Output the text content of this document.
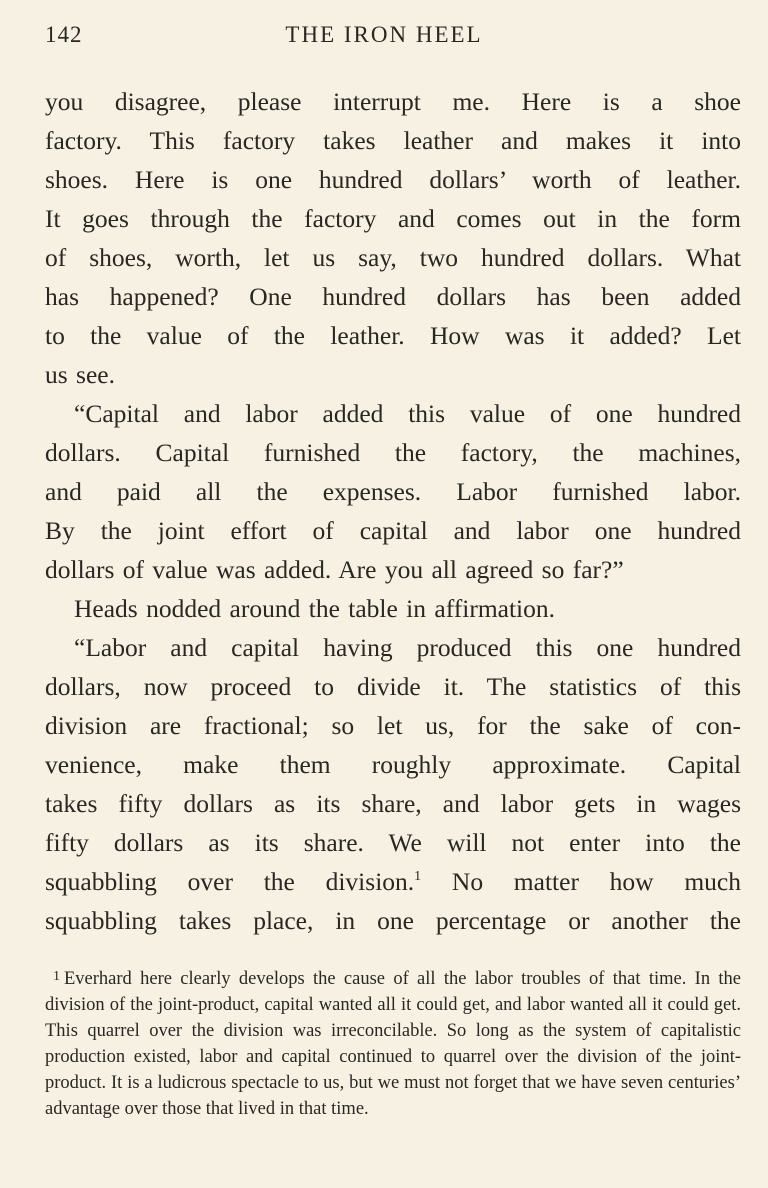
142	THE IRON HEEL

you disagree, please interrupt me. Here is a shoe

factory. This factory takes leather and makes it into

shoes. Here is one hundred dollars’ worth of leather.

It goes through the factory and comes out in the form

of shoes, worth, let us say, two hundred dollars. What

has happened? One hundred dollars has been added

to the value of the leather. How was it added? Let

us see.

“Capital and labor added this value of one hundred

dollars. Capital furnished the factory, the machines,

and paid all the expenses. Labor furnished labor.

By the joint effort of capital and labor one hundred

dollars of value was added. Are you all agreed so far?”

Heads nodded around the table in affirmation.

“Labor and capital having produced this one hundred

dollars, now proceed to divide it. The statistics of this

division are fractional; so let us, for the sake of con-

venience, make them roughly approximate. Capital

takes fifty dollars as its share, and labor gets in wages

fifty dollars as its share. We will not enter into the

squabbling over the division.$^1$ No matter how much

squabbling takes place, in one percentage or another the

$^1$ Everhard here clearly develops the cause of all the labor troubles of that time. In the division of the joint-product, capital wanted all it could get, and labor wanted all it could get. This quarrel over the division was irreconcilable. So long as the system of capitalistic production existed, labor and capital continued to quarrel over the division of the joint-product. It is a ludicrous spectacle to us, but we must not forget that we have seven centuries’ advantage over those that lived in that time.
